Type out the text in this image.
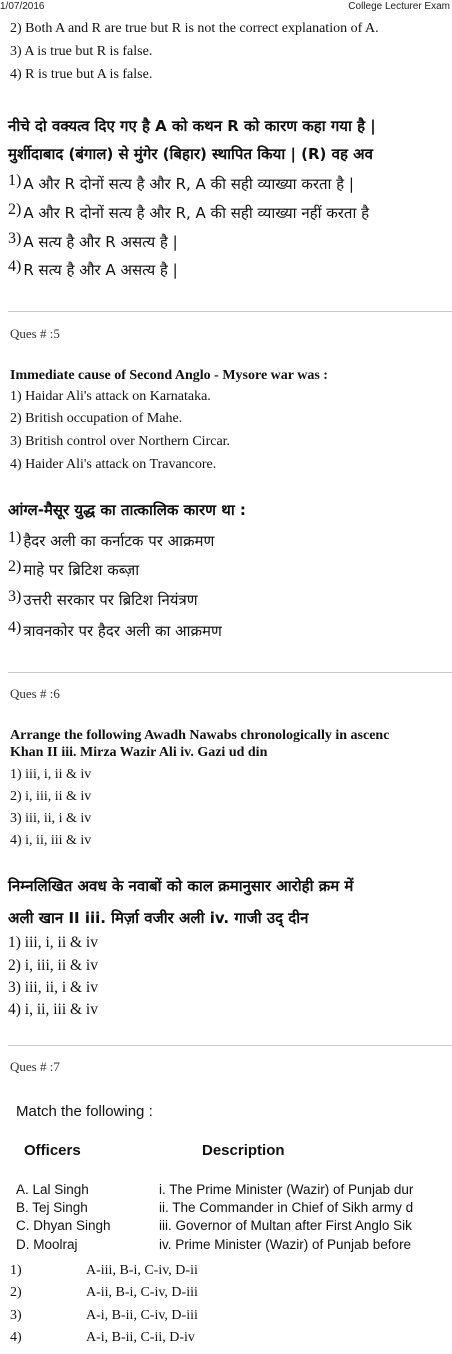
1/07/2016	College Lecturer Exam
2) Both A and R are true but R is not the correct explanation of A.
3) A is true but R is false.
4) R is true but A is false.
नीचे दो वक्यत्व दिए गए है A को कथन R को कारण कहा गया है |
मुर्शीदाबाद (बंगाल) से मुंगेर (बिहार) स्थापित किया | (R) वह अव
1) A और R दोनों सत्य है और R, A की सही व्याख्या करता है |
2) A और R दोनों सत्य है और R, A की सही व्याख्या नहीं करता है
3) A सत्य है और R असत्य है |
4) R सत्य है और A असत्य है |
Ques # :5
Immediate cause of Second Anglo - Mysore war was :
1) Haidar Ali's attack on Karnataka.
2) British occupation of Mahe.
3) British control over Northern Circar.
4) Haider Ali's attack on Travancore.
आंग्ल-मैसूर युद्ध का तात्कालिक कारण था :
1) हैदर अली का कर्नाटक पर आक्रमण
2) माहे पर ब्रिटिश कब्ज़ा
3) उत्तरी सरकार पर ब्रिटिश नियंत्रण
4) त्रावनकोर पर हैदर अली का आक्रमण
Ques # :6
Arrange the following Awadh Nawabs chronologically in ascenc
Khan II iii. Mirza Wazir Ali iv. Gazi ud din
1) iii, i, ii & iv
2) i, iii, ii & iv
3) iii, ii, i & iv
4) i, ii, iii & iv
निम्नलिखित अवध के नवाबों को काल क्रमानुसार आरोही क्रम में
अली खान II iii. मिर्ज़ा वजीर अली iv. गाजी उद् दीन
1) iii, i, ii & iv
2) i, iii, ii & iv
3) iii, ii, i & iv
4) i, ii, iii & iv
Ques # :7
Match the following :
Officers	Description
A. Lal Singh	i. The Prime Minister (Wazir) of Punjab dur
B. Tej Singh	ii. The Commander in Chief of Sikh army d
C. Dhyan Singh	iii. Governor of Multan after First Anglo Sik
D. Moolraj	iv. Prime Minister (Wazir) of Punjab before
1)	A-iii, B-i, C-iv, D-ii
2)	A-ii, B-i, C-iv, D-iii
3)	A-i, B-ii, C-iv, D-iii
4)	A-i, B-ii, C-ii, D-iv
